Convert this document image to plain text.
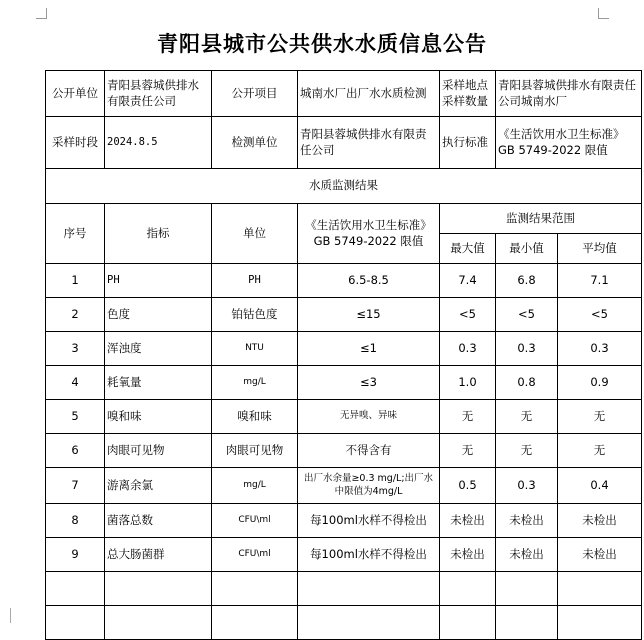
青阳县城市公共供水水质信息公告
公开单位	青阳县蓉城供排水有限责任公司	公开项目	城南水厂出厂水水质检测	采样地点采样数量	青阳县蓉城供排水有限责任公司城南水厂	
采样时段	2024.8.5	检测单位	青阳县蓉城供排水有限责任公司	执行标准	《生活饮用水卫生标准》GB 5749-2022 限值	
水质监测结果						
序号	指标	单位	《生活饮用水卫生标准》GB 5749-2022 限值	监测结果范围		
				最大值	最小值	平均值
1	PH	PH	6.5-8.5	7.4	6.8	7.1
2	色度	铂钴色度	≤15	<5	<5	<5
3	浑浊度	NTU	≤1	0.3	0.3	0.3
4	耗氧量	mg/L	≤3	1.0	0.8	0.9
5	嗅和味	嗅和味	无异嗅、异味	无	无	无
6	肉眼可见物	肉眼可见物	不得含有	无	无	无
7	游离余氯	mg/L	出厂水余量≥0.3 mg/L;出厂水中限值为4mg/L	0.5	0.3	0.4
8	菌落总数	CFU\ml	每100ml水样不得检出	未检出	未检出	未检出
9	总大肠菌群	CFU\ml	每100ml水样不得检出	未检出	未检出	未检出
